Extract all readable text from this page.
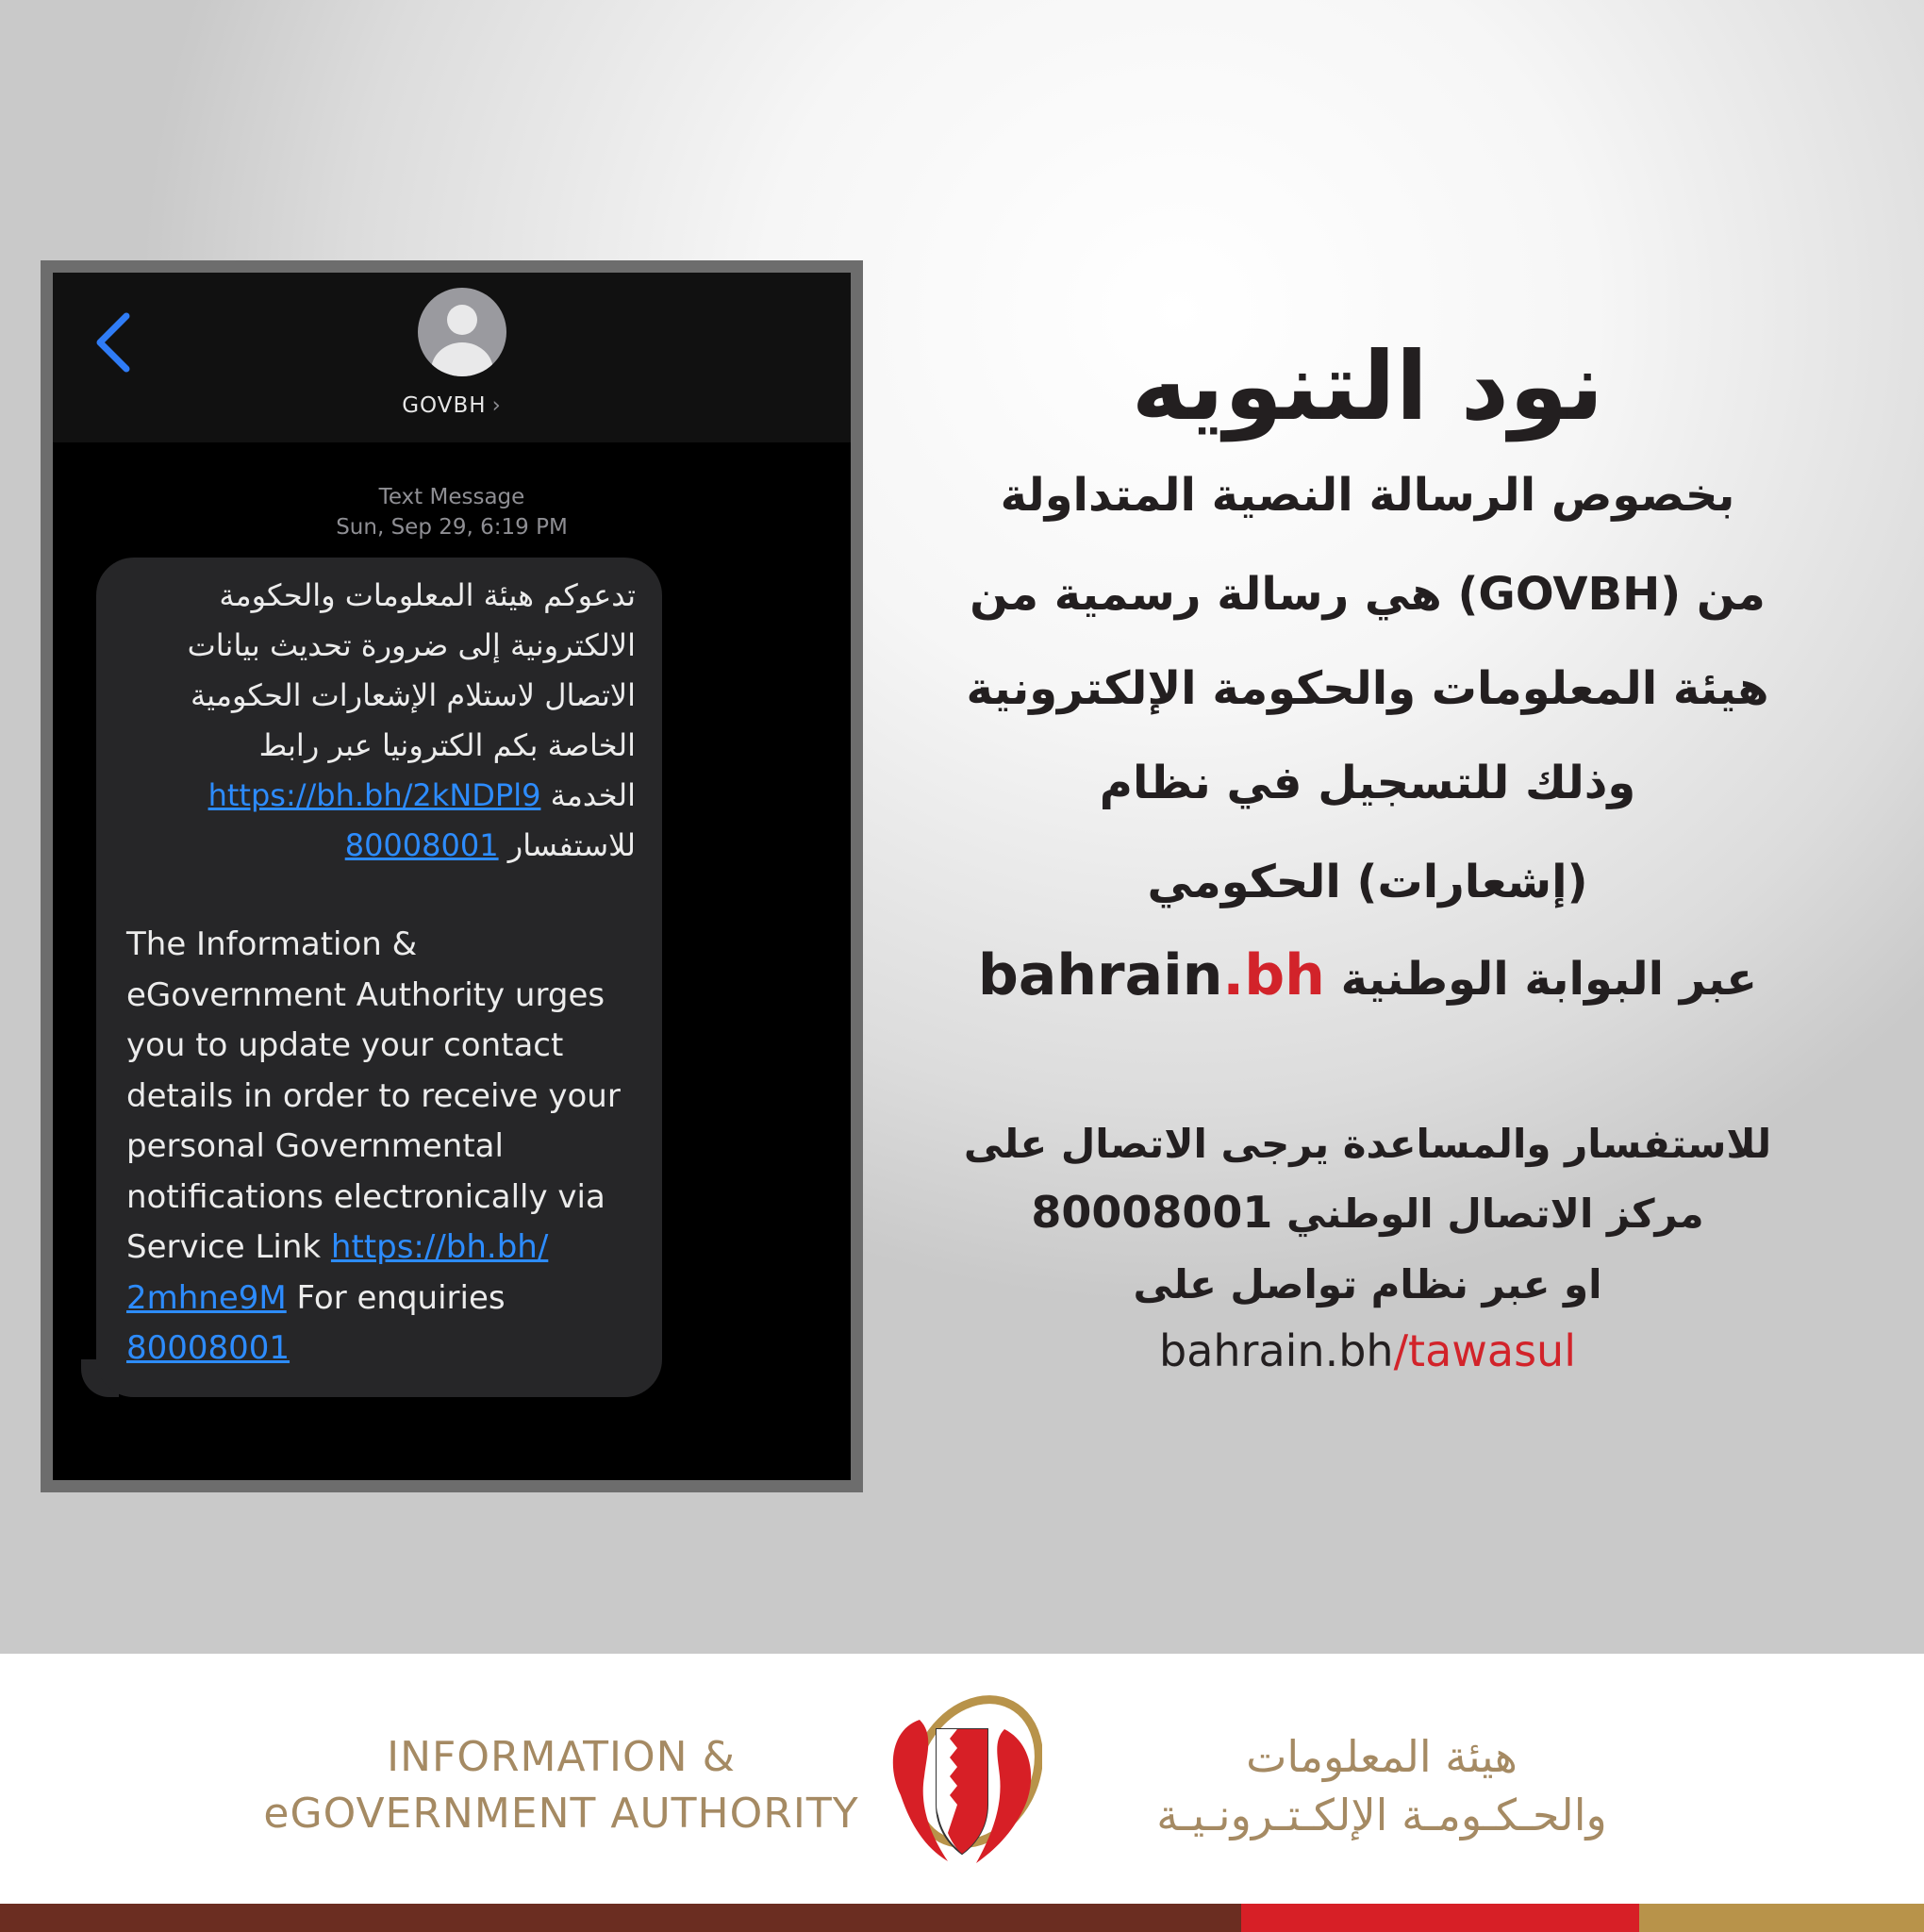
GOVBH ›
Text Message
Sun, Sep 29, 6:19 PM
تدعوكم هيئة المعلومات والحكومة
الالكترونية إلى ضرورة تحديث بيانات
الاتصال لاستلام الإشعارات الحكومية
الخاصة بكم الكترونيا عبر رابط
الخدمة https://bh.bh/2kNDPl9
للاستفسار 80008001
The Information & eGovernment Authority urges you to update your contact details in order to receive your personal Governmental notifications electronically via Service Link https://bh.bh/ 2mhne9M For enquiries 80008001
نود التنويه
بخصوص الرسالة النصية المتداولة
من (GOVBH) هي رسالة رسمية من
هيئة المعلومات والحكومة الإلكترونية
وذلك للتسجيل في نظام
(إشعارات) الحكومي
عبر البوابة الوطنية bahrain.bh
للاستفسار والمساعدة يرجى الاتصال على
مركز الاتصال الوطني 80008001
او عبر نظام تواصل على
bahrain.bh/tawasul
INFORMATION &
eGOVERNMENT AUTHORITY
هيئة المعلومات
والحـكـومـة الإلكـتـرونـيـة
